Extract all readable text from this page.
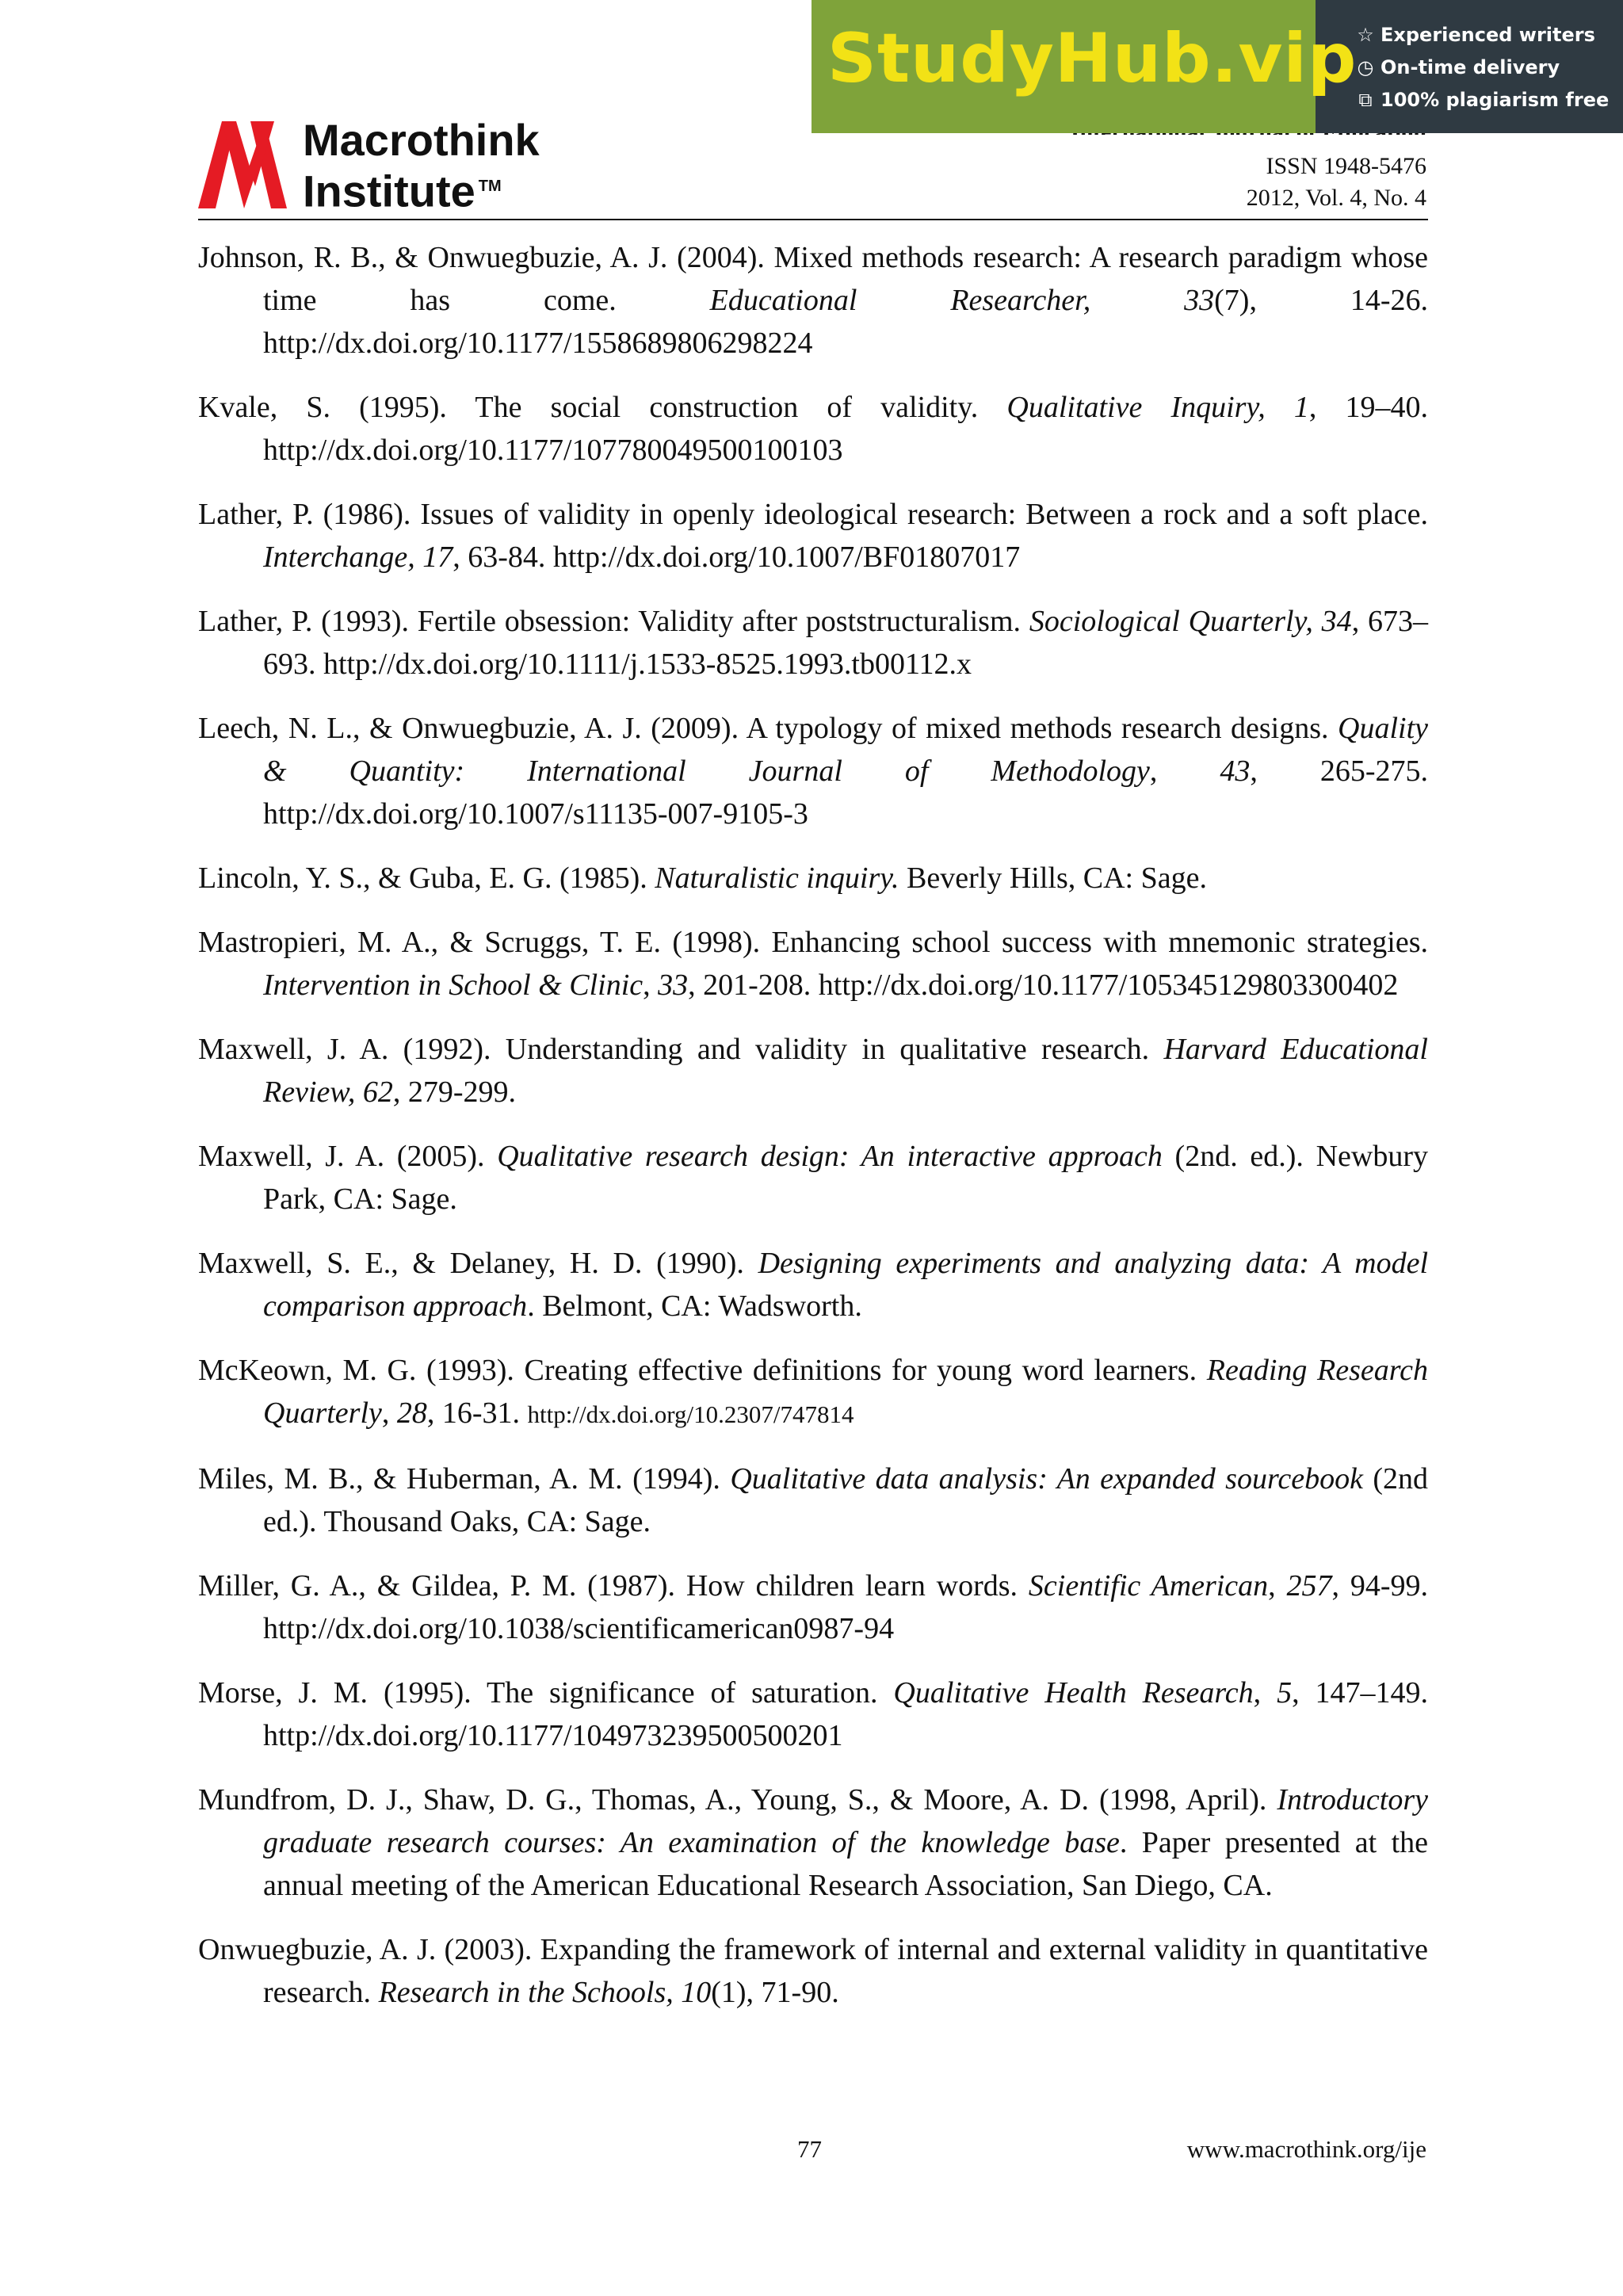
Macrothink
Institute ™
ISSN 1948-5476
2012, Vol. 4, No. 4
StudyHub.vip ☆ Experienced writers
◷ On-time delivery
⧉ 100% plagiarism free

Johnson, R. B., & Onwuegbuzie, A. J. (2004). Mixed methods research: A research paradigm whose time has come. Educational Researcher, 33(7), 14-26. http://dx.doi.org/10.1177/1558689806298224

Kvale, S. (1995). The social construction of validity. Qualitative Inquiry, 1, 19–40. http://dx.doi.org/10.1177/107780049500100103

Lather, P. (1986). Issues of validity in openly ideological research: Between a rock and a soft place. Interchange, 17, 63-84. http://dx.doi.org/10.1007/BF01807017

Lather, P. (1993). Fertile obsession: Validity after poststructuralism. Sociological Quarterly, 34, 673–693. http://dx.doi.org/10.1111/j.1533-8525.1993.tb00112.x

Leech, N. L., & Onwuegbuzie, A. J. (2009). A typology of mixed methods research designs. Quality & Quantity: International Journal of Methodology, 43, 265-275. http://dx.doi.org/10.1007/s11135-007-9105-3

Lincoln, Y. S., & Guba, E. G. (1985). Naturalistic inquiry. Beverly Hills, CA: Sage.

Mastropieri, M. A., & Scruggs, T. E. (1998). Enhancing school success with mnemonic strategies. Intervention in School & Clinic, 33, 201-208. http://dx.doi.org/10.1177/105345129803300402

Maxwell, J. A. (1992). Understanding and validity in qualitative research. Harvard Educational Review, 62, 279-299.

Maxwell, J. A. (2005). Qualitative research design: An interactive approach (2nd. ed.). Newbury Park, CA: Sage.

Maxwell, S. E., & Delaney, H. D. (1990). Designing experiments and analyzing data: A model comparison approach. Belmont, CA: Wadsworth.

McKeown, M. G. (1993). Creating effective definitions for young word learners. Reading Research Quarterly, 28, 16-31. http://dx.doi.org/10.2307/747814

Miles, M. B., & Huberman, A. M. (1994). Qualitative data analysis: An expanded sourcebook (2nd ed.). Thousand Oaks, CA: Sage.

Miller, G. A., & Gildea, P. M. (1987). How children learn words. Scientific American, 257, 94-99. http://dx.doi.org/10.1038/scientificamerican0987-94

Morse, J. M. (1995). The significance of saturation. Qualitative Health Research, 5, 147–149. http://dx.doi.org/10.1177/104973239500500201

Mundfrom, D. J., Shaw, D. G., Thomas, A., Young, S., & Moore, A. D. (1998, April). Introductory graduate research courses: An examination of the knowledge base. Paper presented at the annual meeting of the American Educational Research Association, San Diego, CA.

Onwuegbuzie, A. J. (2003). Expanding the framework of internal and external validity in quantitative research. Research in the Schools, 10(1), 71-90.

77	www.macrothink.org/ije
